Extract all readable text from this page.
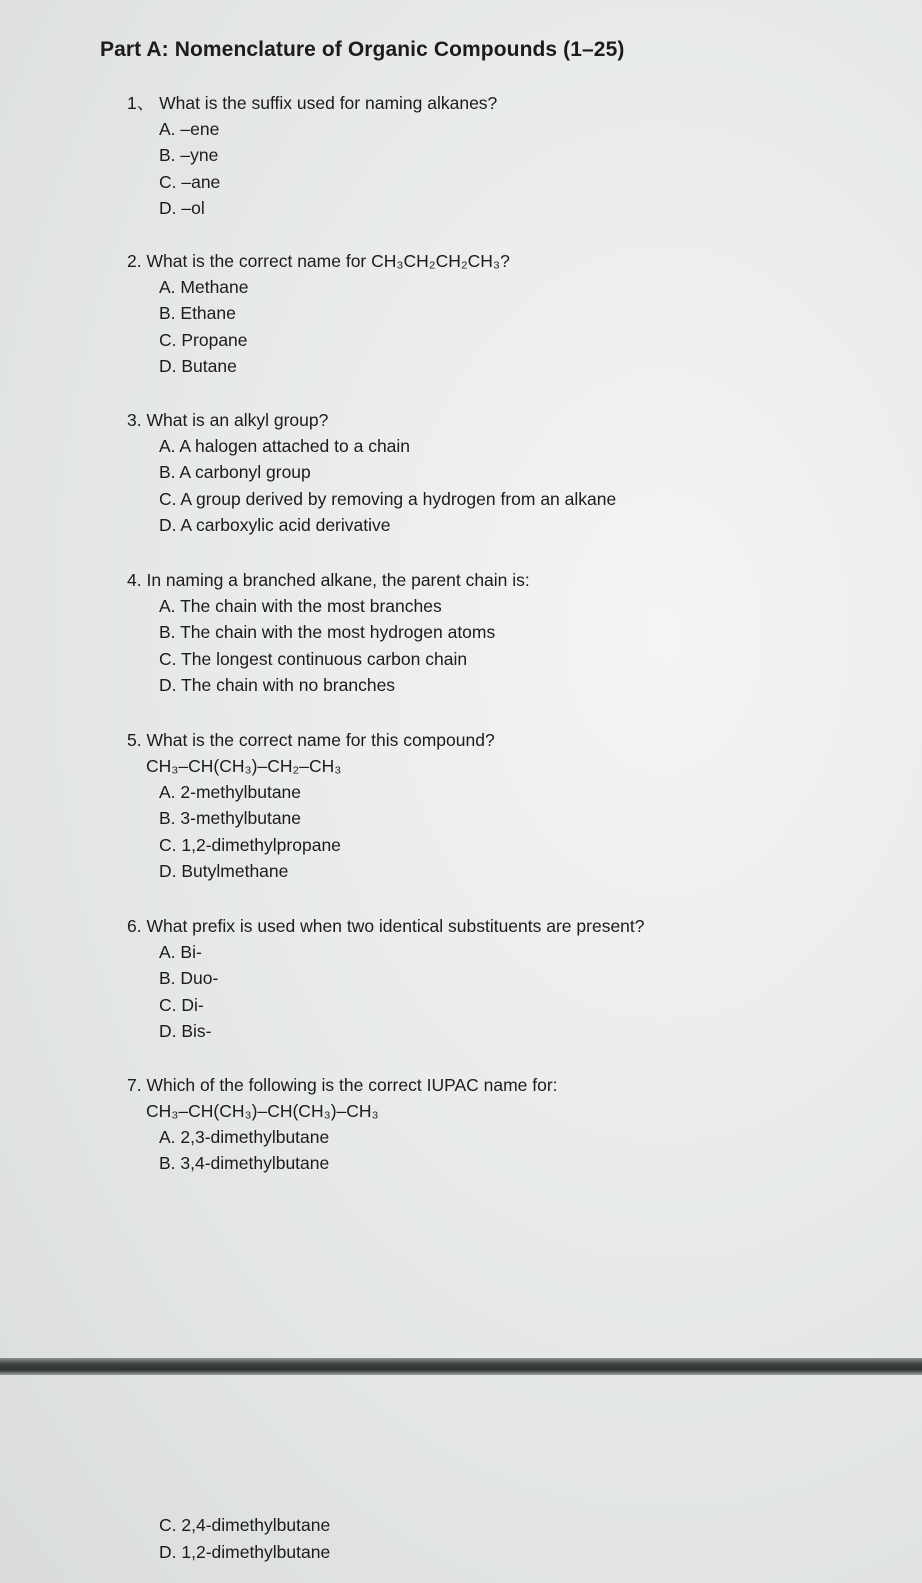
Part A: Nomenclature of Organic Compounds (1–25)
1、 What is the suffix used for naming alkanes?
A. –ene
B. –yne
C. –ane
D. –ol
2. What is the correct name for CH₃CH₂CH₂CH₃?
A. Methane
B. Ethane
C. Propane
D. Butane
3. What is an alkyl group?
A. A halogen attached to a chain
B. A carbonyl group
C. A group derived by removing a hydrogen from an alkane
D. A carboxylic acid derivative
4. In naming a branched alkane, the parent chain is:
A. The chain with the most branches
B. The chain with the most hydrogen atoms
C. The longest continuous carbon chain
D. The chain with no branches
5. What is the correct name for this compound?
CH₃–CH(CH₃)–CH₂–CH₃
A. 2-methylbutane
B. 3-methylbutane
C. 1,2-dimethylpropane
D. Butylmethane
6. What prefix is used when two identical substituents are present?
A. Bi-
B. Duo-
C. Di-
D. Bis-
7. Which of the following is the correct IUPAC name for:
CH₃–CH(CH₃)–CH(CH₃)–CH₃
A. 2,3-dimethylbutane
B. 3,4-dimethylbutane
C. 2,4-dimethylbutane
D. 1,2-dimethylbutane
